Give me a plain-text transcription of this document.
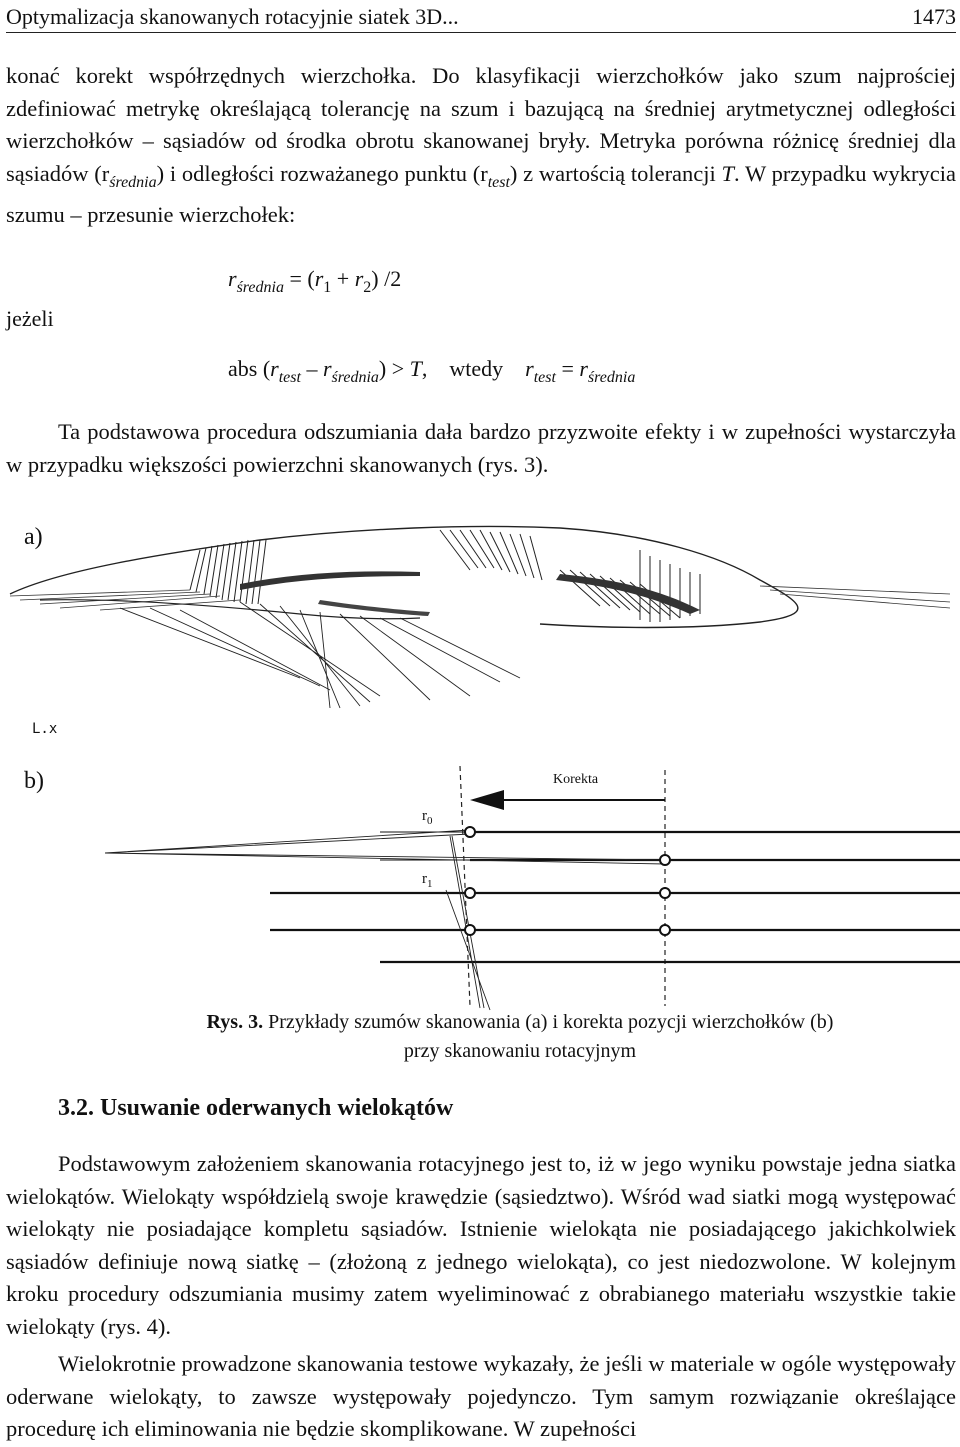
Optymalizacja skanowanych rotacyjnie siatek 3D...	1473

konać korekt współrzędnych wierzchołka. Do klasyfikacji wierzchołków jako szum najprościej zdefiniować metrykę określającą tolerancję na szum i bazującą na średniej arytmetycznej odległości wierzchołków – sąsiadów od środka obrotu skanowanej bryły. Metryka porówna różnicę średniej dla sąsiadów $(r_{średnia})$ i odległości rozważanego punktu $(r_{test})$ z wartością tolerancji T. W przypadku wykrycia szumu – przesunie wierzchołek:

$r_{średnia} = (r_1 + r_2)$ /2
jeżeli
abs $(r_{test} - r_{średnia}) > T$, wtedy $r_{test} = r_{średnia}$

Ta podstawowa procedura odszumiania dała bardzo przyzwoite efekty i w zupełności wystarczyła w przypadku większości powierzchni skanowanych (rys. 3).

a)
L.x
b)	Korekta
$r_0$
$r_1$
Rys. 3. Przykłady szumów skanowania (a) i korekta pozycji wierzchołków (b)
przy skanowaniu rotacyjnym
3.2. Usuwanie oderwanych wielokątów

Podstawowym założeniem skanowania rotacyjnego jest to, iż w jego wyniku powstaje jedna siatka wielokątów. Wielokąty współdzielą swoje krawędzie (sąsiedztwo). Wśród wad siatki mogą występować wielokąty nie posiadające kompletu sąsiadów. Istnienie wielokąta nie posiadającego jakichkolwiek sąsiadów definiuje nową siatkę – (złożoną z jednego wielokąta), co jest niedozwolone. W kolejnym kroku procedury odszumiania musimy zatem wyeliminować z obrabianego materiału wszystkie takie wielokąty (rys. 4).

Wielokrotnie prowadzone skanowania testowe wykazały, że jeśli w materiale w ogóle występowały oderwane wielokąty, to zawsze występowały pojedynczo. Tym samym rozwiązanie określające procedurę ich eliminowania nie będzie skomplikowane. W zupełności
